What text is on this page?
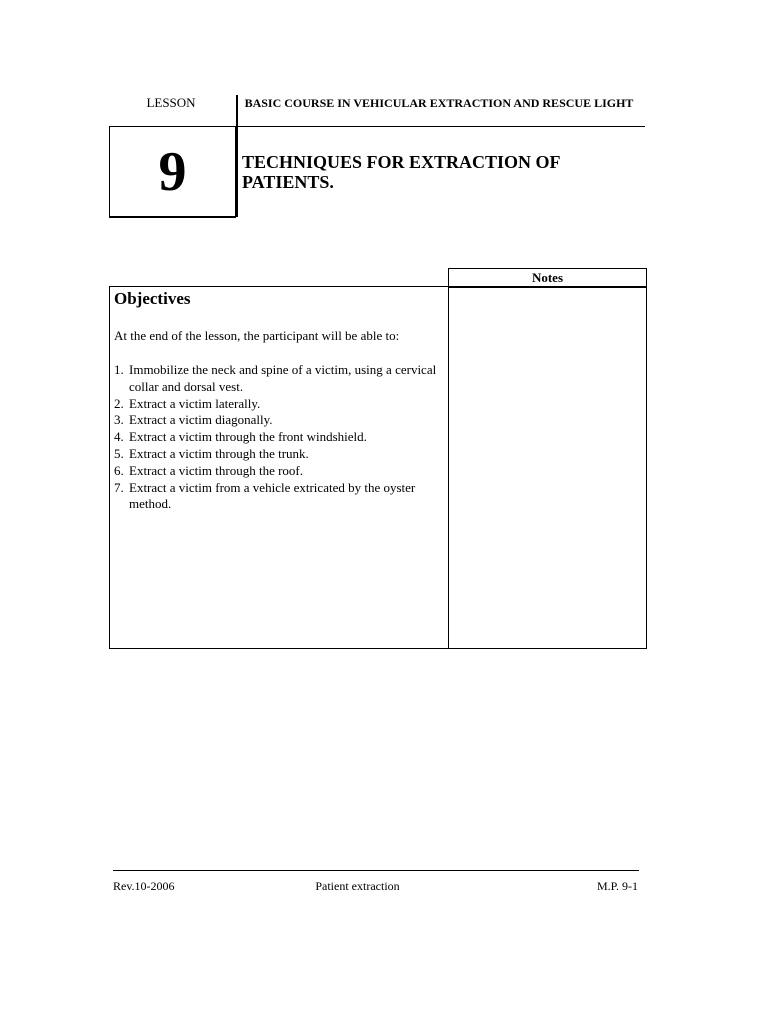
LESSON	BASIC COURSE IN VEHICULAR EXTRACTION AND RESCUE LIGHT
9	TECHNIQUES FOR EXTRACTION OF PATIENTS.
Notes
Objectives
At the end of the lesson, the participant will be able to:
1. Immobilize the neck and spine of a victim, using a cervical collar and dorsal vest.
2. Extract a victim laterally.
3. Extract a victim diagonally.
4. Extract a victim through the front windshield.
5. Extract a victim through the trunk.
6. Extract a victim through the roof.
7. Extract a victim from a vehicle extricated by the oyster method.
Rev.10-2006	Patient extraction	M.P. 9-1
